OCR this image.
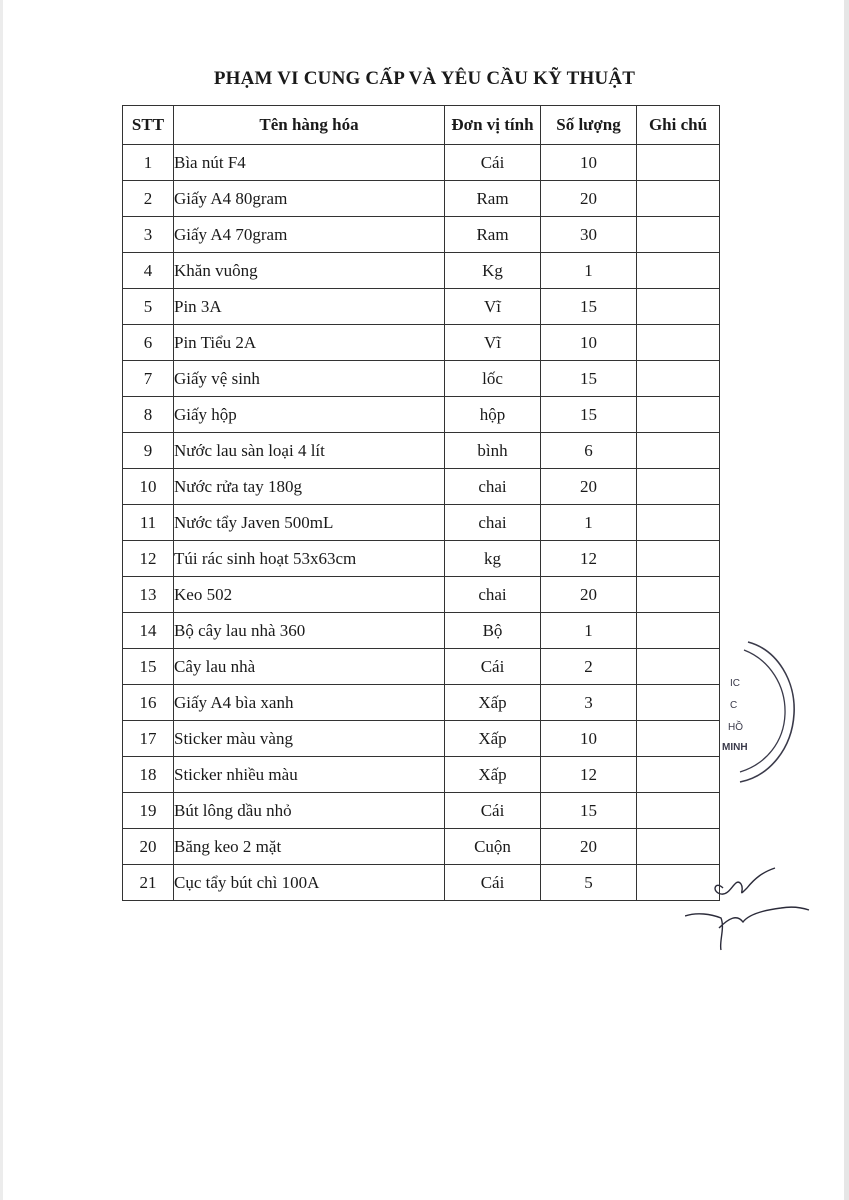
PHẠM VI CUNG CẤP VÀ YÊU CẦU KỸ THUẬT
STT	Tên hàng hóa	Đơn vị tính	Số lượng	Ghi chú
1	Bìa nút F4	Cái	10	
2	Giấy A4 80gram	Ram	20	
3	Giấy A4 70gram	Ram	30	
4	Khăn vuông	Kg	1	
5	Pin 3A	Vĩ	15	
6	Pin Tiểu 2A	Vĩ	10	
7	Giấy vệ sinh	lốc	15	
8	Giấy hộp	hộp	15	
9	Nước lau sàn loại 4 lít	bình	6	
10	Nước rửa tay 180g	chai	20	
11	Nước tẩy Javen 500mL	chai	1	
12	Túi rác sinh hoạt 53x63cm	kg	12	
13	Keo 502	chai	20	
14	Bộ cây lau nhà 360	Bộ	1	
15	Cây lau nhà	Cái	2	
16	Giấy A4 bìa xanh	Xấp	3	
17	Sticker màu vàng	Xấp	10	
18	Sticker nhiều màu	Xấp	12	
19	Bút lông dầu nhỏ	Cái	15	
20	Băng keo 2 mặt	Cuộn	20	
21	Cục tẩy bút chì 100A	Cái	5	
IC
C
HỒ
MINH
